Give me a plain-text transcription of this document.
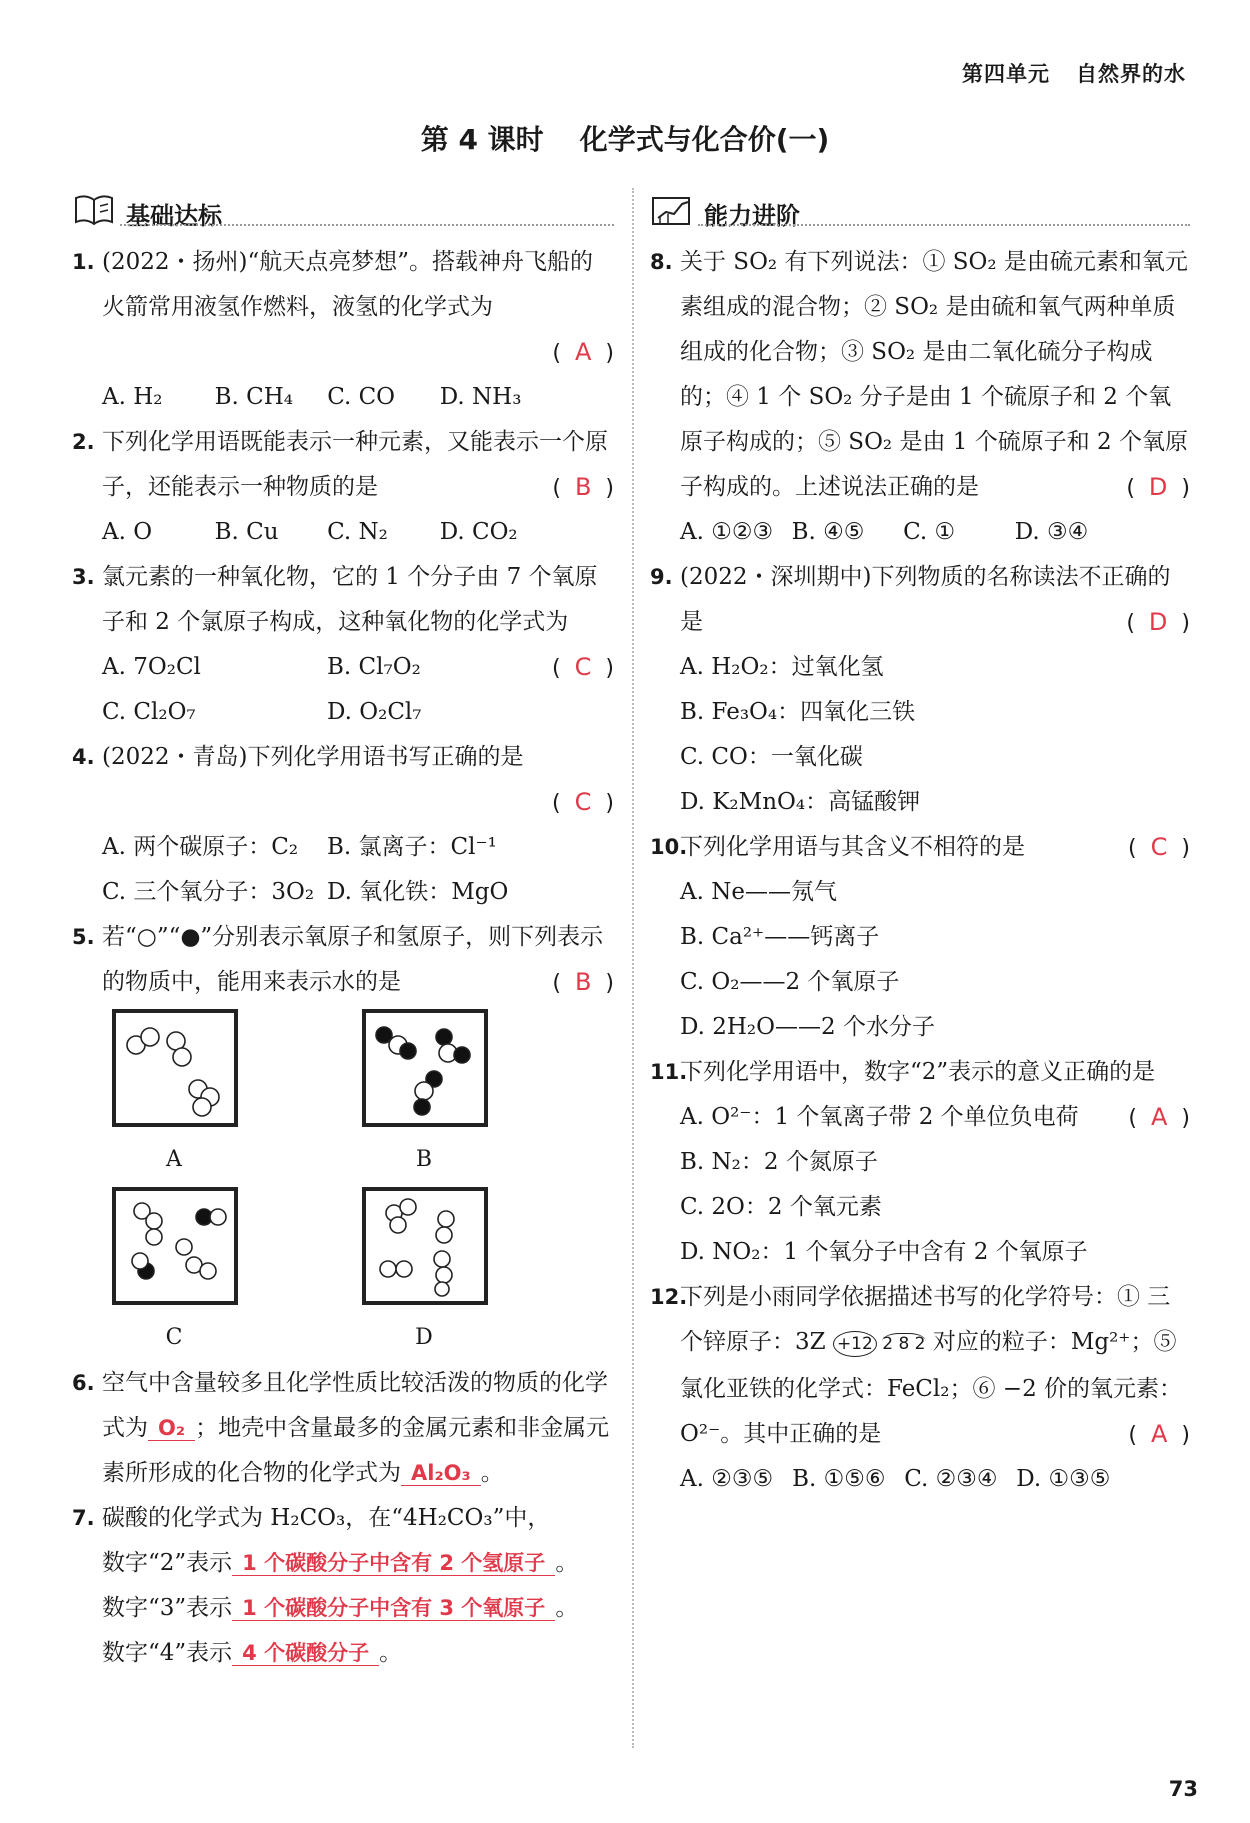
第四单元 自然界的水
第 4 课时 化学式与化合价(一)
基础达标
1. (2022・扬州)“航天点亮梦想”。搭载神舟飞船的火箭常用液氢作燃料，液氢的化学式为
( A )

A. H₂	B. CH₄	C. CO	D. NH₃
2. 下列化学用语既能表示一种元素，又能表示一个原子，还能表示一种物质的是	( B )
A. O	B. Cu	C. N₂	D. CO₂
3. 氯元素的一种氧化物，它的 1 个分子由 7 个氧原子和 2 个氯原子构成，这种氧化物的化学式为
( C )
A. 7O₂Cl	B. Cl₇O₂
C. Cl₂O₇	D. O₂Cl₇
4. (2022・青岛)下列化学用语书写正确的是
( C )

A. 两个碳原子：C₂	B. 氯离子：Cl⁻¹
C. 三个氧分子：3O₂ D. 氧化铁：MgO
5. 若“○”“●”分别表示氧原子和氢原子，则下列表示的物质中，能用来表示水的是	( B )
A	B
C	D
6. 空气中含量较多且化学性质比较活泼的物质的化学式为 O₂ ；地壳中含量最多的金属元素和非金属元素所形成的化合物的化学式为 Al₂O₃ 。
7. 碳酸的化学式为 H₂CO₃，在“4H₂CO₃”中，
数字“2”表示 1 个碳酸分子中含有 2 个氢原子 。
数字“3”表示 1 个碳酸分子中含有 3 个氧原子 。
数字“4”表示 4 个碳酸分子 。
能力进阶
8. 关于 SO₂ 有下列说法：① SO₂ 是由硫元素和氧元素组成的混合物；② SO₂ 是由硫和氧气两种单质组成的化合物；③ SO₂ 是由二氧化硫分子构成的；④ 1 个 SO₂ 分子是由 1 个硫原子和 2 个氧原子构成的；⑤ SO₂ 是由 1 个硫原子和 2 个氧原子构成的。上述说法正确的是	( D )
A. ①②③ B. ④⑤	C. ①	D. ③④
9. (2022・深圳期中)下列物质的名称读法不正确的是	( D )
A. H₂O₂：过氧化氢
B. Fe₃O₄：四氧化三铁
C. CO：一氧化碳
D. K₂MnO₄：高锰酸钾
10.
下列化学用语与其含义不相符的是	( C )
A. Ne——氖气
B. Ca²⁺——钙离子
C. O₂——2 个氧原子
D. 2H₂O——2 个水分子
11.
下列化学用语中，数字“2”表示的意义正确的是
( A )
A. O²⁻：1 个氧离子带 2 个单位负电荷
B. N₂：2 个氮原子
C. 2O：2 个氧元素
D. NO₂：1 个氧分子中含有 2 个氧原子
12.
下列是小雨同学依据描述书写的化学符号：① 三个锌原子：3Z +12 2 8 2 对应的粒子：Mg²⁺；⑤ 氯化亚铁的化学式：FeCl₂；⑥ −2 价的氧元素：O²⁻。其中正确的是	( A )
A. ②③⑤ B. ①⑤⑥ C. ②③④ D. ①③⑤
73
